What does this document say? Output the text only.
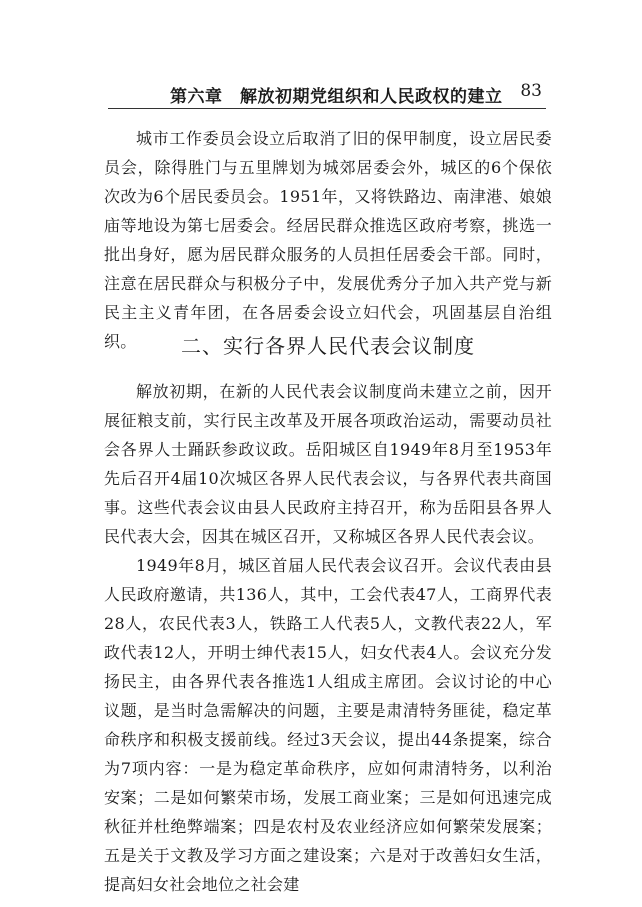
第六章　解放初期党组织和人民政权的建立 83

城市工作委员会设立后取消了旧的保甲制度，设立居民委员会，除得胜门与五里牌划为城郊居委会外，城区的6个保依次改为6个居民委员会。1951年，又将铁路边、南津港、娘娘庙等地设为第七居委会。经居民群众推选区政府考察，挑选一批出身好，愿为居民群众服务的人员担任居委会干部。同时，注意在居民群众与积极分子中，发展优秀分子加入共产党与新民主主义青年团，在各居委会设立妇代会，巩固基层自治组织。	二、实行各界人民代表会议制度

解放初期，在新的人民代表会议制度尚未建立之前，因开展征粮支前，实行民主改革及开展各项政治运动，需要动员社会各界人士踊跃参政议政。岳阳城区自1949年8月至1953年先后召开4届10次城区各界人民代表会议，与各界代表共商国事。这些代表会议由县人民政府主持召开，称为岳阳县各界人民代表大会，因其在城区召开，又称城区各界人民代表会议。

1949年8月，城区首届人民代表会议召开。会议代表由县人民政府邀请，共136人，其中，工会代表47人，工商界代表28人，农民代表3人，铁路工人代表5人，文教代表22人，军政代表12人，开明士绅代表15人，妇女代表4人。会议充分发扬民主，由各界代表各推选1人组成主席团。会议讨论的中心议题，是当时急需解决的问题，主要是肃清特务匪徒，稳定革命秩序和积极支援前线。经过3天会议，提出44条提案，综合为7项内容：一是为稳定革命秩序，应如何肃清特务，以利治安案；二是如何繁荣市场，发展工商业案；三是如何迅速完成秋征并杜绝弊端案；四是农村及农业经济应如何繁荣发展案；五是关于文教及学习方面之建设案；六是对于改善妇女生活，提高妇女社会地位之社会建
